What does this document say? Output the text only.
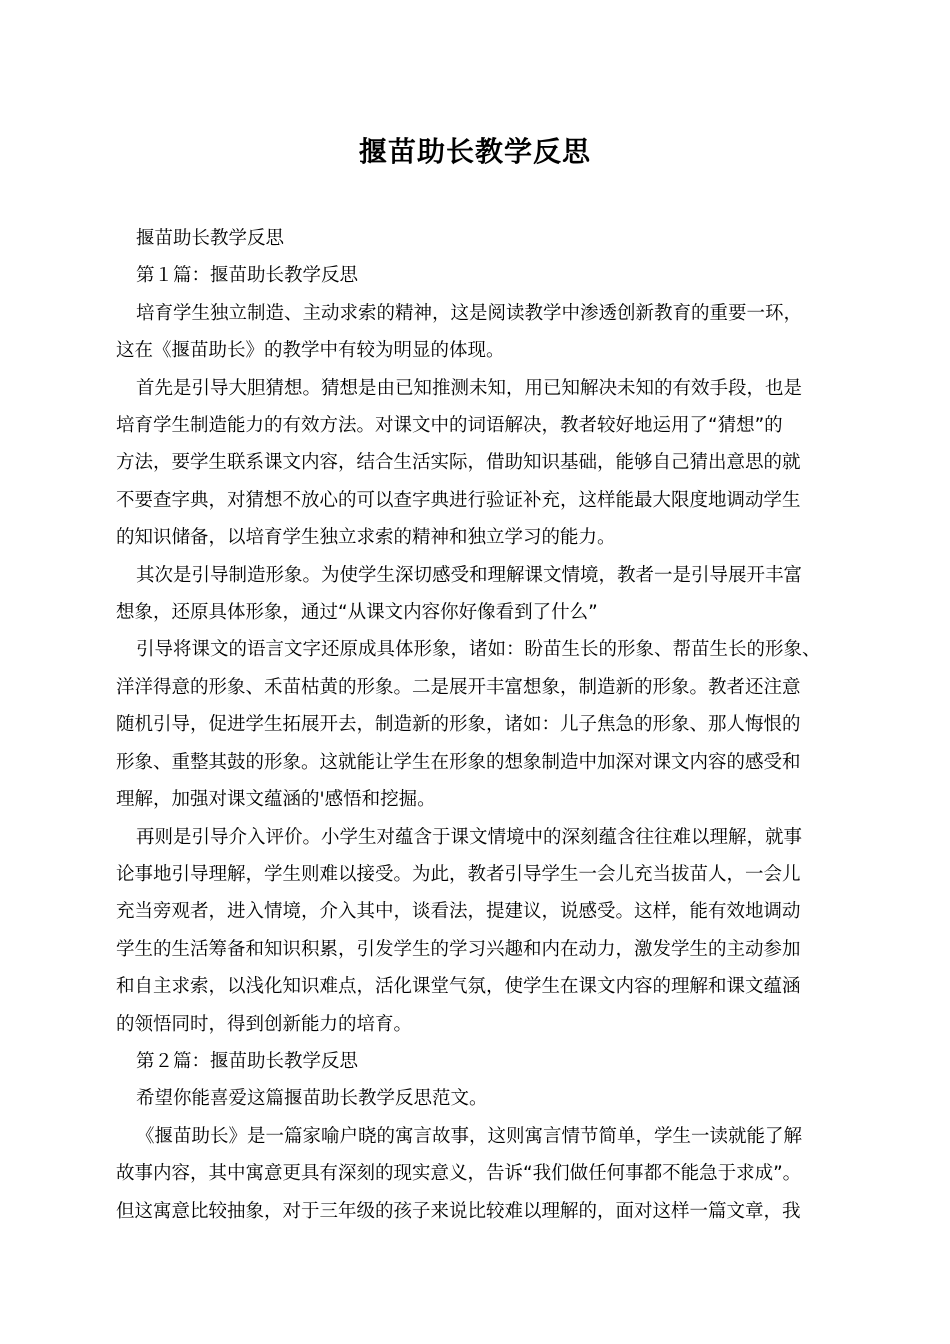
揠苗助长教学反思

揠苗助长教学反思

第１篇：揠苗助长教学反思

培育学生独立制造、主动求索的精神，这是阅读教学中渗透创新教育的重要一环，
这在《揠苗助长》的教学中有较为明显的体现。

首先是引导大胆猜想。猜想是由已知推测未知，用已知解决未知的有效手段，也是
培育学生制造能力的有效方法。对课文中的词语解决，教者较好地运用了“猜想”的
方法，要学生联系课文内容，结合生活实际，借助知识基础，能够自己猜出意思的就
不要查字典，对猜想不放心的可以查字典进行验证补充，这样能最大限度地调动学生
的知识储备，以培育学生独立求索的精神和独立学习的能力。

其次是引导制造形象。为使学生深切感受和理解课文情境，教者一是引导展开丰富
想象，还原具体形象，通过“从课文内容你好像看到了什么”

引导将课文的语言文字还原成具体形象，诸如：盼苗生长的形象、帮苗生长的形象、
洋洋得意的形象、禾苗枯黄的形象。二是展开丰富想象，制造新的形象。教者还注意
随机引导，促进学生拓展开去，制造新的形象，诸如：儿子焦急的形象、那人悔恨的
形象、重整其鼓的形象。这就能让学生在形象的想象制造中加深对课文内容的感受和
理解，加强对课文蕴涵的'感悟和挖掘。

再则是引导介入评价。小学生对蕴含于课文情境中的深刻蕴含往往难以理解，就事
论事地引导理解，学生则难以接受。为此，教者引导学生一会儿充当拔苗人，一会儿
充当旁观者，进入情境，介入其中，谈看法，提建议，说感受。这样，能有效地调动
学生的生活筹备和知识积累，引发学生的学习兴趣和内在动力，激发学生的主动参加
和自主求索，以浅化知识难点，活化课堂气氛，使学生在课文内容的理解和课文蕴涵
的领悟同时，得到创新能力的培育。

第２篇：揠苗助长教学反思

希望你能喜爱这篇揠苗助长教学反思范文。

《揠苗助长》是一篇家喻户晓的寓言故事，这则寓言情节简单，学生一读就能了解
故事内容，其中寓意更具有深刻的现实意义，告诉“我们做任何事都不能急于求成”。
但这寓意比较抽象，对于三年级的孩子来说比较难以理解的，面对这样一篇文章，我
